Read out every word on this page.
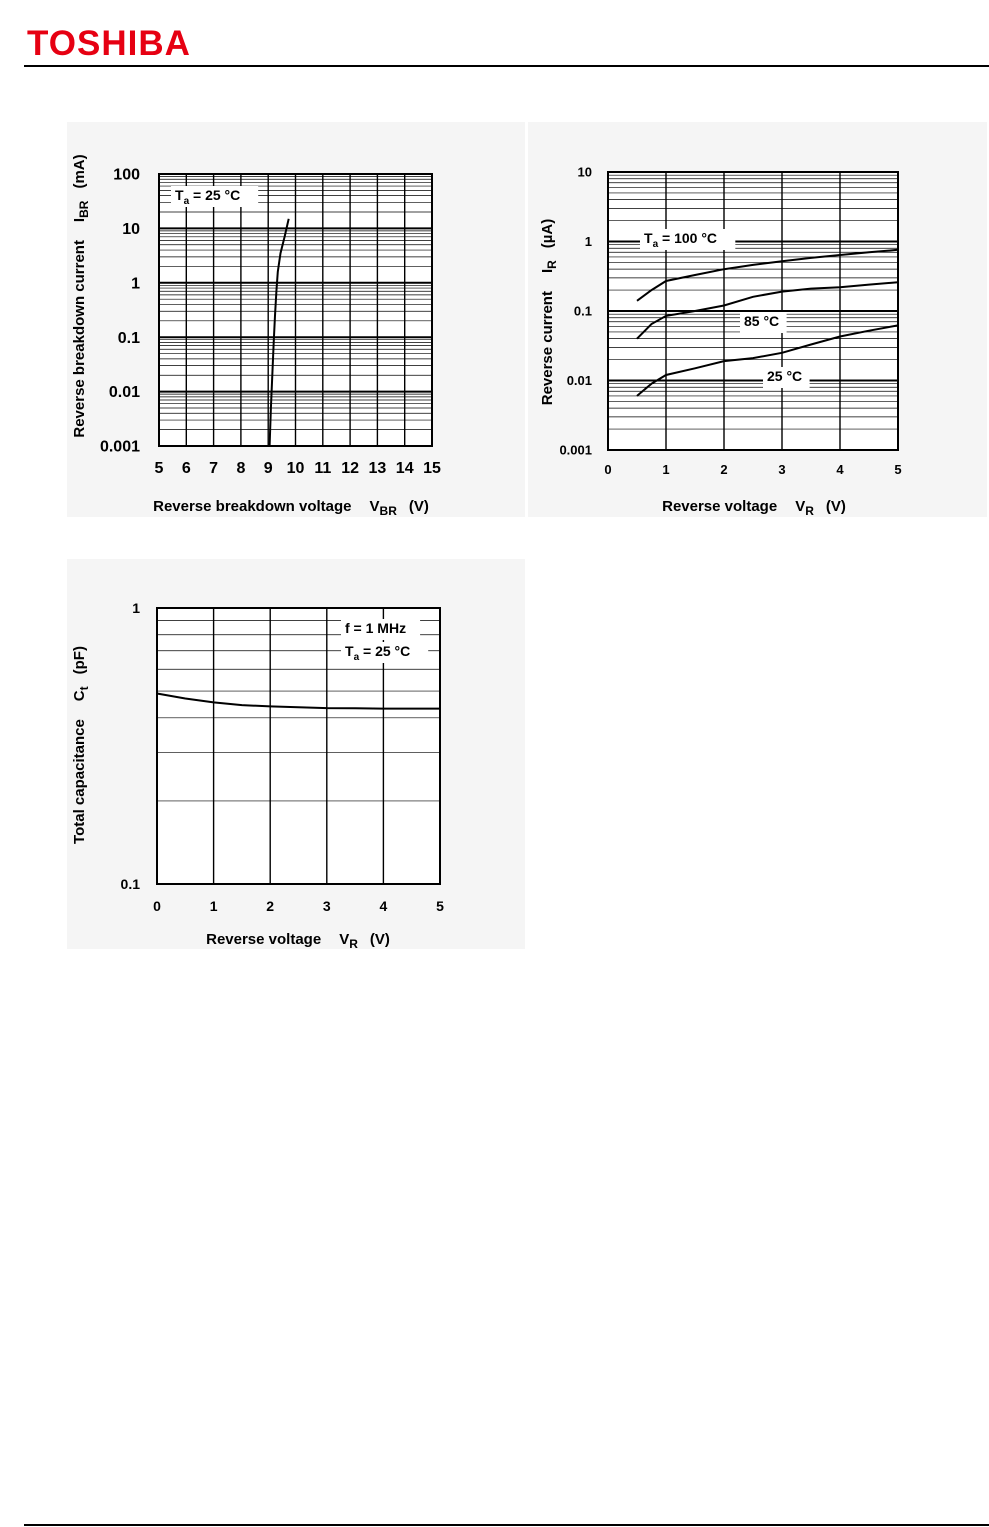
TOSHIBA
$T_a = 25$ °C
5 6 7 8 9 10 11 12 13 14 15
0.001
0.01
0.1
1
10
100
Reverse breakdown voltage $V_{BR}$ (V)
Reverse breakdown currentI$_{BR}$(mA)
$T_a = 100$ °C
85 °C
25 °C
0	1	2	3	4	5
0.001
0.01
0.1
1
10
Reverse voltage $V_R$ (V)
Reverse currentI$_R$(µA)
f = 1 MHz
$T_a = 25$ °C
0	1	2	3	4	5
0.1
1
Reverse voltage $V_R$ (V)
Total capacitanceC$_t$(pF)
